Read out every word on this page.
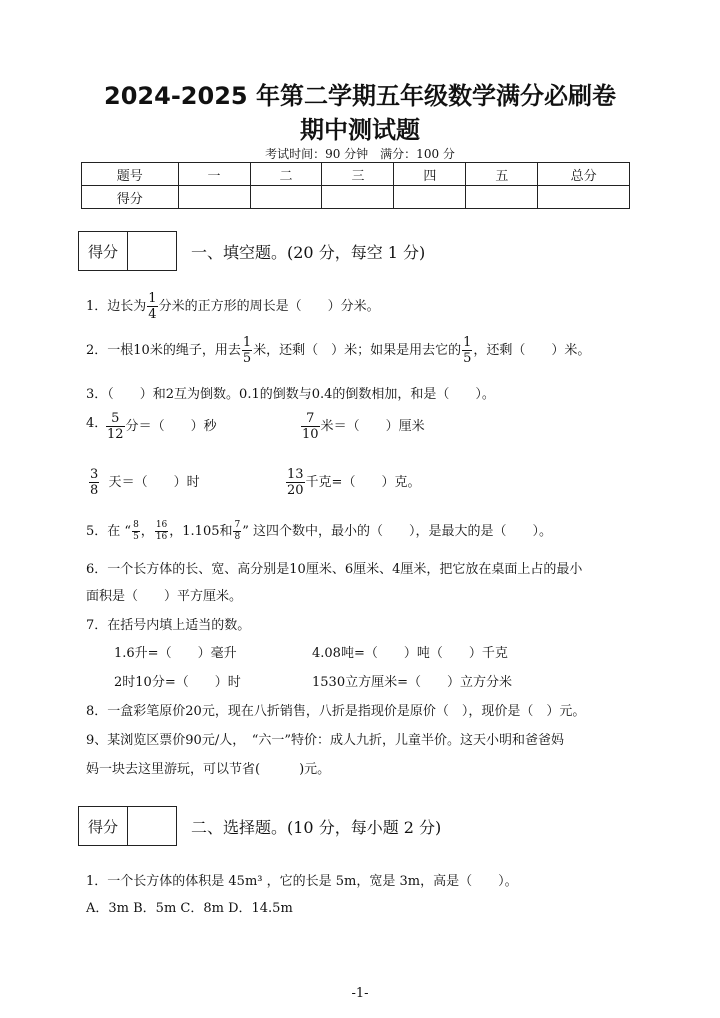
2024-2025 年第二学期五年级数学满分必刷卷
期中测试题
考试时间：90 分钟　满分：100 分
题号	一	二	三	四	五	总分
得分						
得分	一、填空题。(20 分，每空 1 分)
1．边长为 $\frac{1}{4}$ 分米的正方形的周长是（　　）分米。
2．一根10米的绳子，用去 $\frac{1}{5}$ 米，还剩（　）米；如果是用去它的 $\frac{1}{5}$ ，还剩（　　）米。
3．（　　）和2互为倒数。0.1的倒数与0.4的倒数相加，和是（　　）。
4．
$\frac{5}{12}$ 分＝（　　）秒	$\frac{7}{10}$ 米＝（　　）厘米
$\frac{3}{8}$ 天＝（　　）时	$\frac{13}{20}$ 千克=（　　）克。
5．在 “ $\frac{8}{5}$ ， $\frac{16}{16}$ ，1.105和 $\frac{7}{8}$ ” 这四个数中，最小的（　　），是最大的是（　　）。
6．一个长方体的长、宽、高分别是10厘米、6厘米、4厘米，把它放在桌面上占的最小
面积是（　　）平方厘米。
7．在括号内填上适当的数。
1.6升=（　　）毫升	4.08吨=（　　）吨（　　）千克
2时10分=（　　）时	1530立方厘米=（　　）立方分米
8．一盒彩笔原价20元，现在八折销售，八折是指现价是原价（　），现价是（　）元。
9、某浏览区票价90元/人，　“六一”特价：成人九折，儿童半价。这天小明和爸爸妈
妈一块去这里游玩，可以节省(　　　)元。
得分	二、选择题。(10 分，每小题 2 分)
1．一个长方体的体积是 45m³ ，它的长是 5m，宽是 3m，高是（　　）。
A．3m B．5m C．8m D．14.5m
-1-
